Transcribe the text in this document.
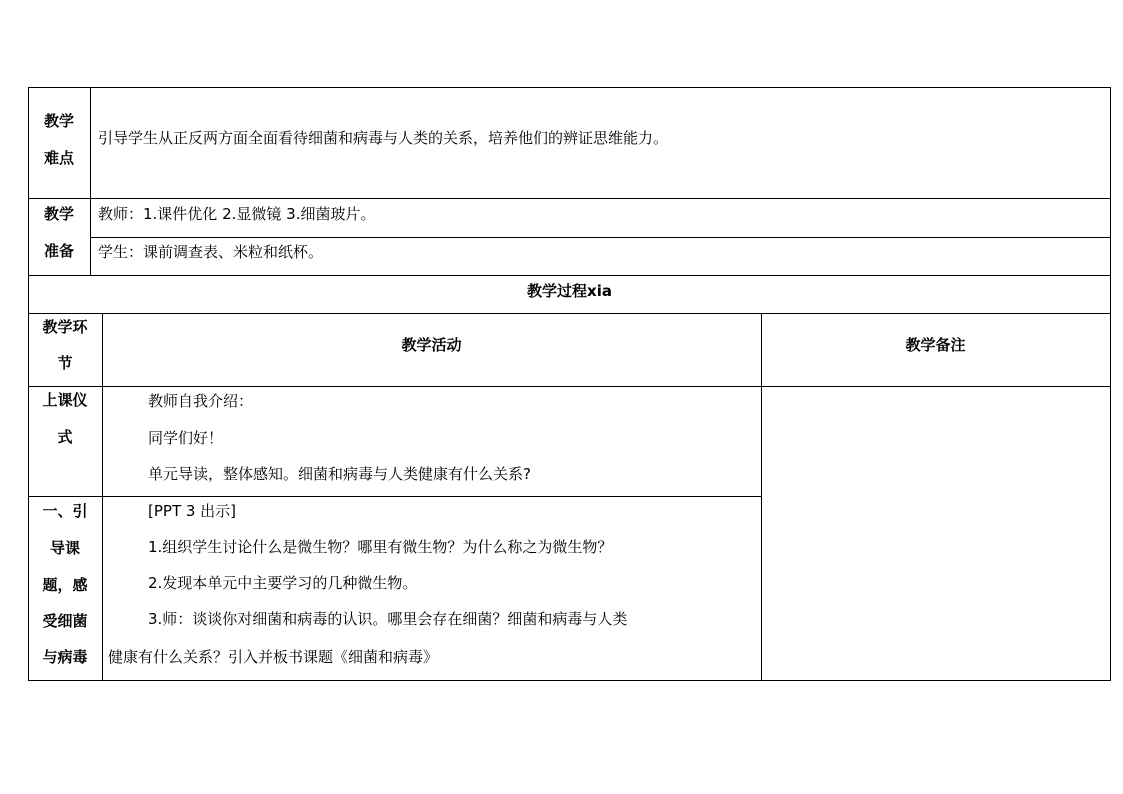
教学
难点
引导学生从正反两方面全面看待细菌和病毒与人类的关系，培养他们的辨证思维能力。
教学
准备
教师：1.课件优化 2.显微镜 3.细菌玻片。
学生：课前调查表、米粒和纸杯。
教学过程xia
教学环
节
教学活动	教学备注
上课仪
式
教师自我介绍：
同学们好！
单元导读，整体感知。细菌和病毒与人类健康有什么关系?
一、引
导课
题，感
受细菌
与病毒
[PPT 3 出示]
1.组织学生讨论什么是微生物？哪里有微生物？为什么称之为微生物？
2.发现本单元中主要学习的几种微生物。
3.师：谈谈你对细菌和病毒的认识。哪里会存在细菌？细菌和病毒与人类
健康有什么关系？引入并板书课题《细菌和病毒》
